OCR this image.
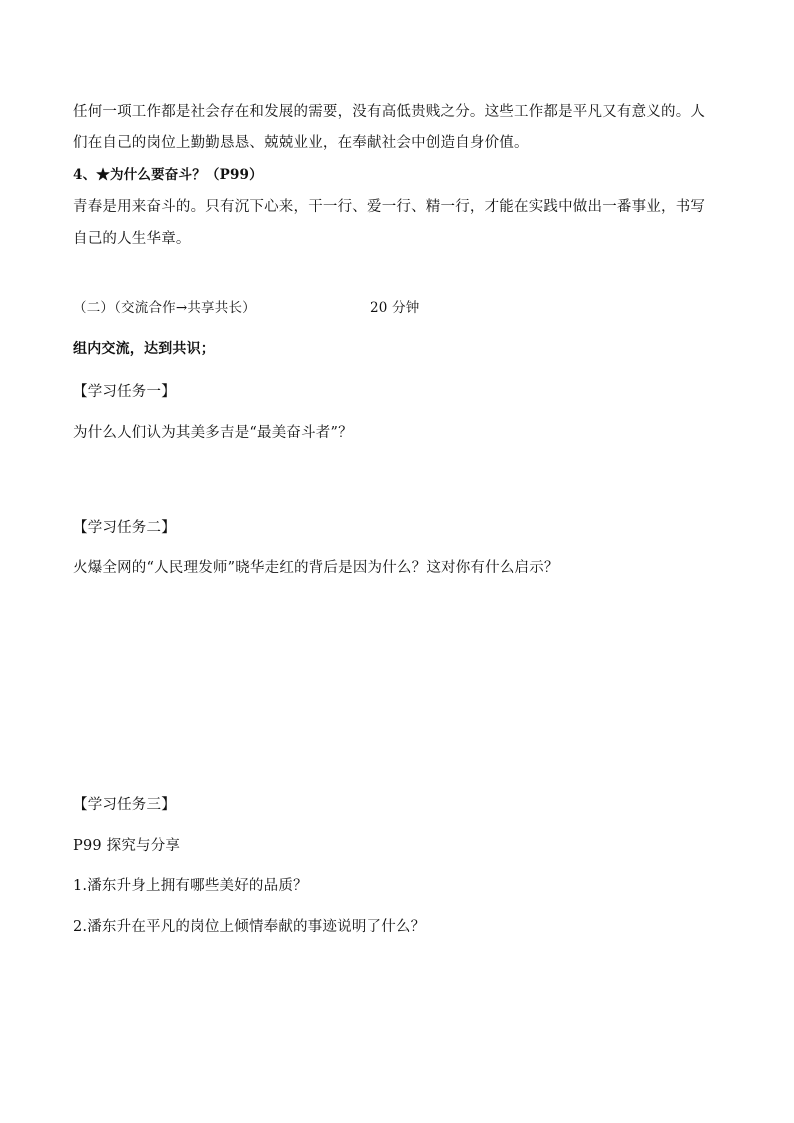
任何一项工作都是社会存在和发展的需要，没有高低贵贱之分。这些工作都是平凡又有意义的。人
们在自己的岗位上勤勤恳恳、兢兢业业，在奉献社会中创造自身价值。
4、★为什么要奋斗？（P99）
青春是用来奋斗的。只有沉下心来，干一行、爱一行、精一行，才能在实践中做出一番事业，书写
自己的人生华章。
（二）（交流合作→共享共长）	20 分钟
组内交流，达到共识；
【学习任务一】
为什么人们认为其美多吉是“最美奋斗者”？
【学习任务二】
火爆全网的“人民理发师”晓华走红的背后是因为什么？这对你有什么启示？
【学习任务三】
P99 探究与分享
1.潘东升身上拥有哪些美好的品质？
2.潘东升在平凡的岗位上倾情奉献的事迹说明了什么？
